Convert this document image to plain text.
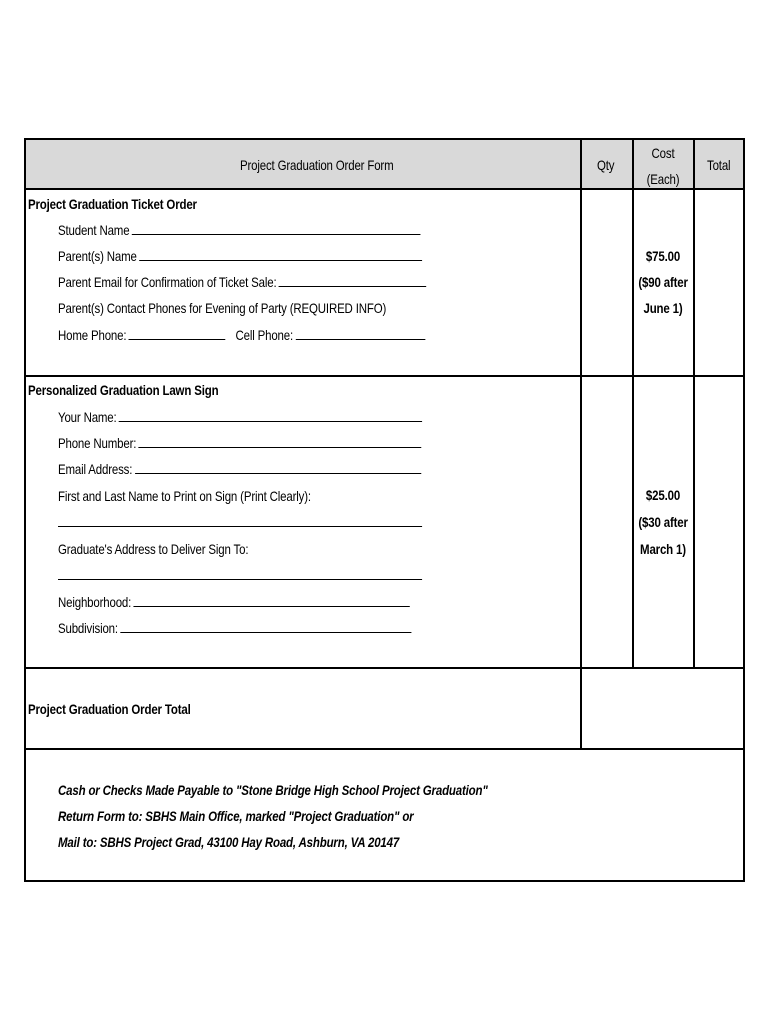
Project Graduation Order Form	Qty
Cost
(Each)
Total
Project Graduation Ticket Order
Student Name
Parent(s) Name
Parent Email for Confirmation of Ticket Sale:
Parent(s) Contact Phones for Evening of Party (REQUIRED INFO)
Home Phone:	Cell Phone:
$75.00
($90 after
June 1)
Personalized Graduation Lawn Sign
Your Name:
Phone Number:
Email Address:
First and Last Name to Print on Sign (Print Clearly):
Graduate's Address to Deliver Sign To:
Neighborhood:
Subdivision:
$25.00
($30 after
March 1)
Project Graduation Order Total
Cash or Checks Made Payable to "Stone Bridge High School Project Graduation"
Return Form to: SBHS Main Office, marked "Project Graduation" or
Mail to: SBHS Project Grad, 43100 Hay Road, Ashburn, VA 20147
